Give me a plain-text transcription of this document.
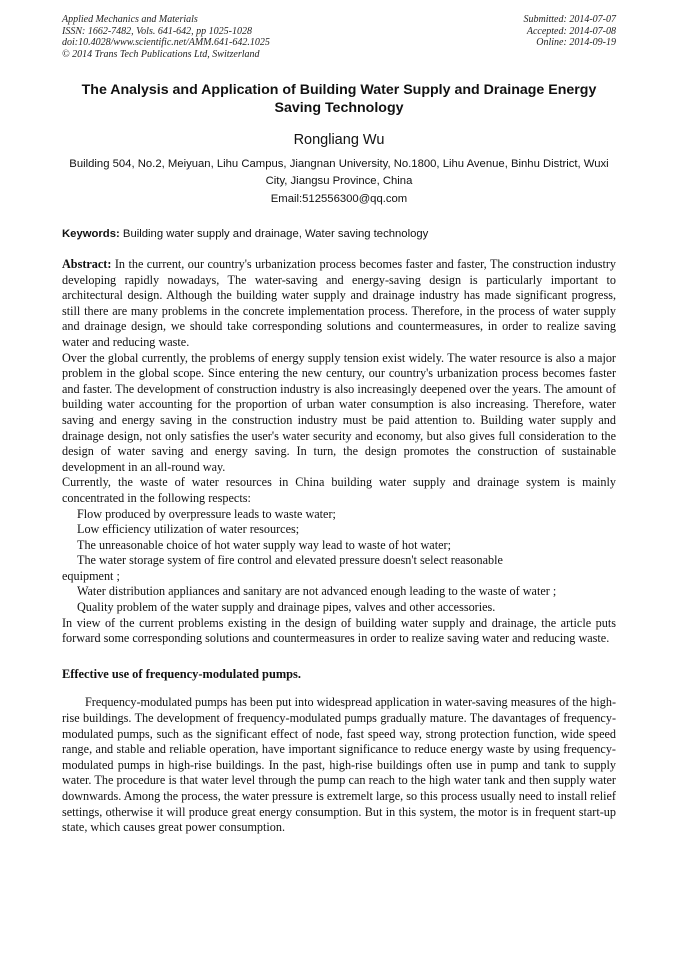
Applied Mechanics and Materials
ISSN: 1662-7482, Vols. 641-642, pp 1025-1028
doi:10.4028/www.scientific.net/AMM.641-642.1025
© 2014 Trans Tech Publications Ltd, Switzerland
Submitted: 2014-07-07
Accepted: 2014-07-08
Online: 2014-09-19
The Analysis and Application of Building Water Supply and Drainage Energy Saving Technology
Rongliang Wu
Building 504, No.2, Meiyuan, Lihu Campus, Jiangnan University, No.1800, Lihu Avenue, Binhu District, Wuxi City, Jiangsu Province, China
Email:512556300@qq.com
Keywords: Building water supply and drainage, Water saving technology

Abstract: In the current, our country's urbanization process becomes faster and faster, The construction industry developing rapidly nowadays, The water-saving and energy-saving design is particularly important to architectural design. Although the building water supply and drainage industry has made significant progress, still there are many problems in the concrete implementation process. Therefore, in the process of water supply and drainage design, we should take corresponding solutions and countermeasures, in order to realize saving water and reducing waste.

Over the global currently, the problems of energy supply tension exist widely. The water resource is also a major problem in the global scope. Since entering the new century, our country's urbanization process becomes faster and faster. The development of construction industry is also increasingly deepened over the years. The amount of building water accounting for the proportion of urban water consumption is also increasing. Therefore, water saving and energy saving in the construction industry must be paid attention to. Building water supply and drainage design, not only satisfies the user's water security and economy, but also gives full consideration to the design of water saving and energy saving. In turn, the design promotes the construction of sustainable development in an all-round way.

Currently, the waste of water resources in China building water supply and drainage system is mainly concentrated in the following respects:

Flow produced by overpressure leads to waste water;

Low efficiency utilization of water resources;

The unreasonable choice of hot water supply way lead to waste of hot water;

The water storage system of fire control and elevated pressure doesn't select reasonable

equipment ;

Water distribution appliances and sanitary are not advanced enough leading to the waste of water ;

Quality problem of the water supply and drainage pipes, valves and other accessories.

In view of the current problems existing in the design of building water supply and drainage, the article puts forward some corresponding solutions and countermeasures in order to realize saving water and reducing waste.

Effective use of frequency-modulated pumps.

Frequency-modulated pumps has been put into widespread application in water-saving measures of the high-rise buildings. The development of frequency-modulated pumps gradually mature. The davantages of frequency-modulated pumps, such as the significant effect of node, fast speed way, strong protection function, wide speed range, and stable and reliable operation, have important significance to reduce energy waste by using frequency-modulated pumps in high-rise buildings. In the past, high-rise buildings often use in pump and tank to supply water. The procedure is that water level through the pump can reach to the high water tank and then supply water downwards. Among the process, the water pressure is extremelt large, so this process usually need to install relief settings, otherwise it will produce great energy consumption. But in this system, the motor is in frequent start-up state, which causes great power consumption.
